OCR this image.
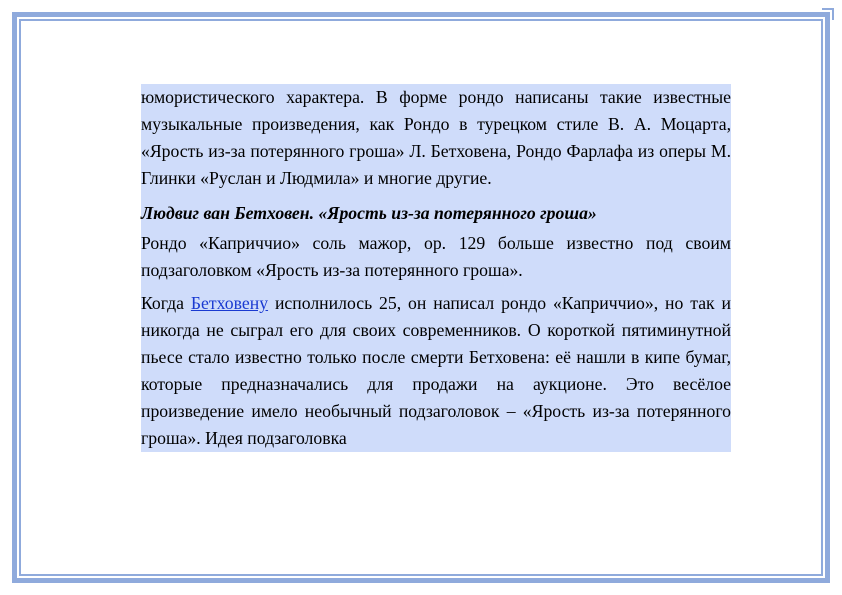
юмористического характера. В форме рондо написаны такие известные музыкальные произведения, как Рондо в турецком стиле В. А. Моцарта, «Ярость из-за потерянного гроша» Л. Бетховена, Рондо Фарлафа из оперы М. Глинки «Руслан и Людмила» и многие другие.

Людвиг ван Бетховен. «Ярость из-за потерянного гроша»

Рондо «Каприччио» соль мажор, ор. 129 больше известно под своим подзаголовком «Ярость из-за потерянного гроша».

Когда Бетховену исполнилось 25, он написал рондо «Каприччио», но так и никогда не сыграл его для своих современников. О короткой пятиминутной пьесе стало известно только после смерти Бетховена: её нашли в кипе бумаг, которые предназначались для продажи на аукционе. Это весёлое произведение имело необычный подзаголовок – «Ярость из-за потерянного гроша». Идея подзаголовка
